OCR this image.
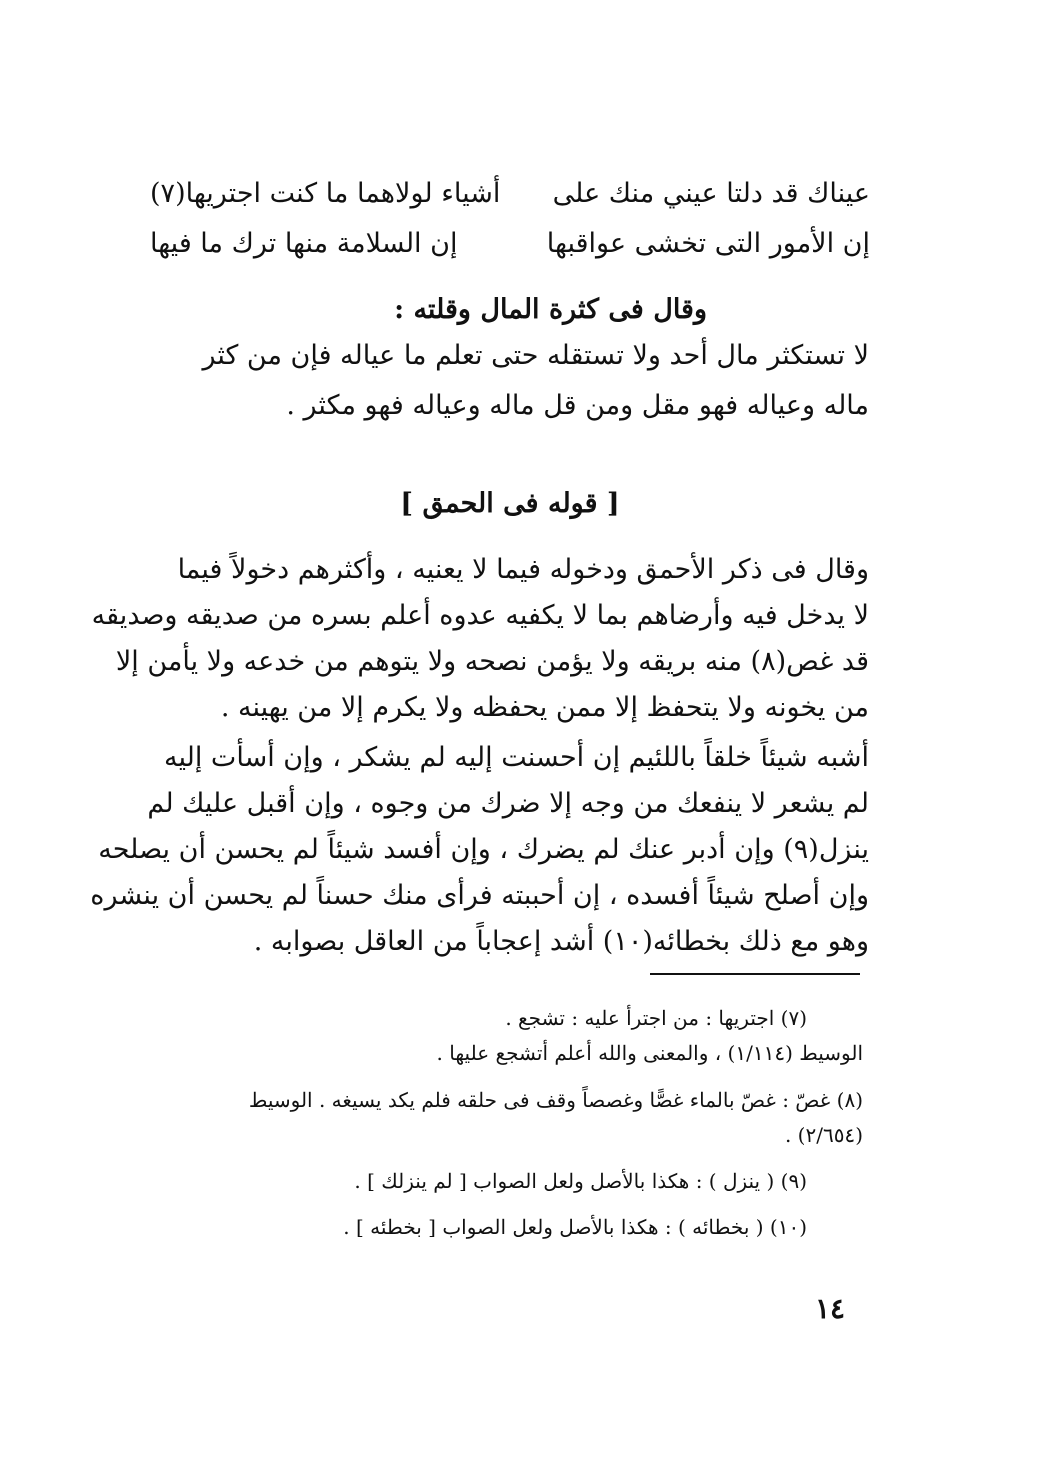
عيناك قد دلتا عيني منك على
أشياء لولاهما ما كنت اجتريها(٧)
إن الأمور التى تخشى عواقبها
إن السلامة منها ترك ما فيها
وقال فى كثرة المال وقلته :
لا تستكثر مال أحد ولا تستقله حتى تعلم ما عياله فإن من كثر
ماله وعياله فهو مقل ومن قل ماله وعياله فهو مكثر .
[ قوله فى الحمق ]
وقال فى ذكر الأحمق ودخوله فيما لا يعنيه ، وأكثرهم دخولاً فيما
لا يدخل فيه وأرضاهم بما لا يكفيه عدوه أعلم بسره من صديقه وصديقه
قد غص(٨) منه بريقه ولا يؤمن نصحه ولا يتوهم من خدعه ولا يأمن إلا
من يخونه ولا يتحفظ إلا ممن يحفظه ولا يكرم إلا من يهينه .
أشبه شيئاً خلقاً باللئيم إن أحسنت إليه لم يشكر ، وإن أسأت إليه
لم يشعر لا ينفعك من وجه إلا ضرك من وجوه ، وإن أقبل عليك لم
ينزل(٩) وإن أدبر عنك لم يضرك ، وإن أفسد شيئاً لم يحسن أن يصلحه
وإن أصلح شيئاً أفسده ، إن أحببته فرأى منك حسناً لم يحسن أن ينشره
وهو مع ذلك بخطائه(١٠) أشد إعجاباً من العاقل بصوابه .
(٧) اجتريها : من اجترأ عليه : تشجع .
الوسيط (١/١١٤) ، والمعنى والله أعلم أتشجع عليها .
(٨) غصّ : غصّ بالماء غصًّا وغصصاً وقف فى حلقه فلم يكد يسيغه . الوسيط
(٢/٦٥٤) .
(٩) ( ينزل ) : هكذا بالأصل ولعل الصواب [ لم ينزلك ] .
(١٠) ( بخطائه ) : هكذا بالأصل ولعل الصواب [ بخطئه ] .
١٤
